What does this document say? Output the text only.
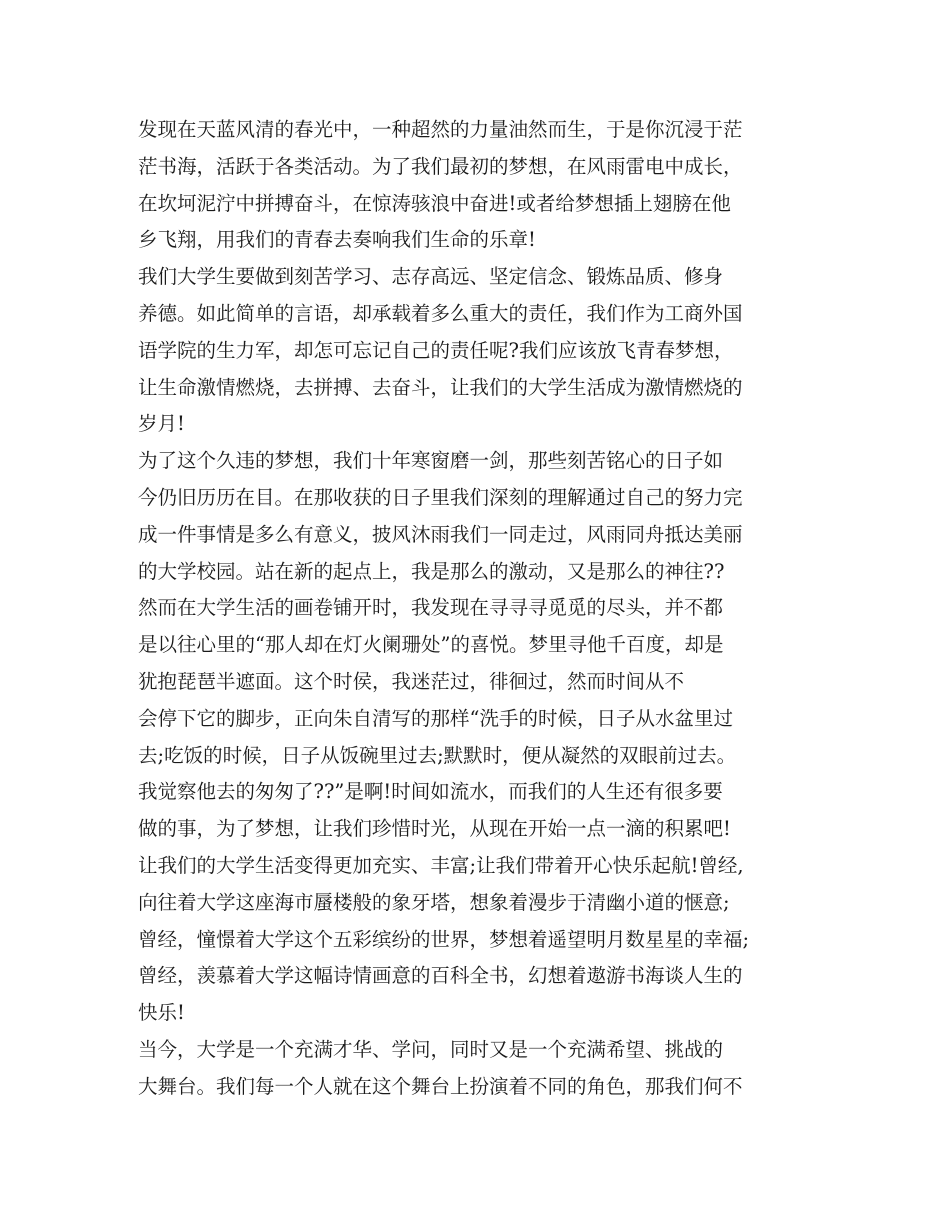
发现在天蓝风清的春光中，一种超然的力量油然而生，于是你沉浸于茫
茫书海，活跃于各类活动。为了我们最初的梦想，在风雨雷电中成长，
在坎坷泥泞中拼搏奋斗，在惊涛骇浪中奋进!或者给梦想插上翅膀在他
乡飞翔，用我们的青春去奏响我们生命的乐章!
我们大学生要做到刻苦学习、志存高远、坚定信念、锻炼品质、修身
养德。如此简单的言语，却承载着多么重大的责任，我们作为工商外国
语学院的生力军，却怎可忘记自己的责任呢?我们应该放飞青春梦想，
让生命激情燃烧，去拼搏、去奋斗，让我们的大学生活成为激情燃烧的
岁月!
为了这个久违的梦想，我们十年寒窗磨一剑，那些刻苦铭心的日子如
今仍旧历历在目。在那收获的日子里我们深刻的理解通过自己的努力完
成一件事情是多么有意义，披风沐雨我们一同走过，风雨同舟抵达美丽
的大学校园。站在新的起点上，我是那么的激动，又是那么的神往??
然而在大学生活的画卷铺开时，我发现在寻寻寻觅觅的尽头，并不都
是以往心里的“那人却在灯火阑珊处”的喜悦。梦里寻他千百度，却是
犹抱琵琶半遮面。这个时侯，我迷茫过，徘徊过，然而时间从不
会停下它的脚步，正向朱自清写的那样“洗手的时候，日子从水盆里过
去;吃饭的时候，日子从饭碗里过去;默默时，便从凝然的双眼前过去。
我觉察他去的匆匆了??”是啊!时间如流水，而我们的人生还有很多要
做的事，为了梦想，让我们珍惜时光，从现在开始一点一滴的积累吧!
让我们的大学生活变得更加充实、丰富;让我们带着开心快乐起航!曾经,
向往着大学这座海市蜃楼般的象牙塔，想象着漫步于清幽小道的惬意;
曾经，憧憬着大学这个五彩缤纷的世界，梦想着遥望明月数星星的幸福;
曾经，羡慕着大学这幅诗情画意的百科全书，幻想着遨游书海谈人生的
快乐!
当今，大学是一个充满才华、学问，同时又是一个充满希望、挑战的
大舞台。我们每一个人就在这个舞台上扮演着不同的角色，那我们何不
